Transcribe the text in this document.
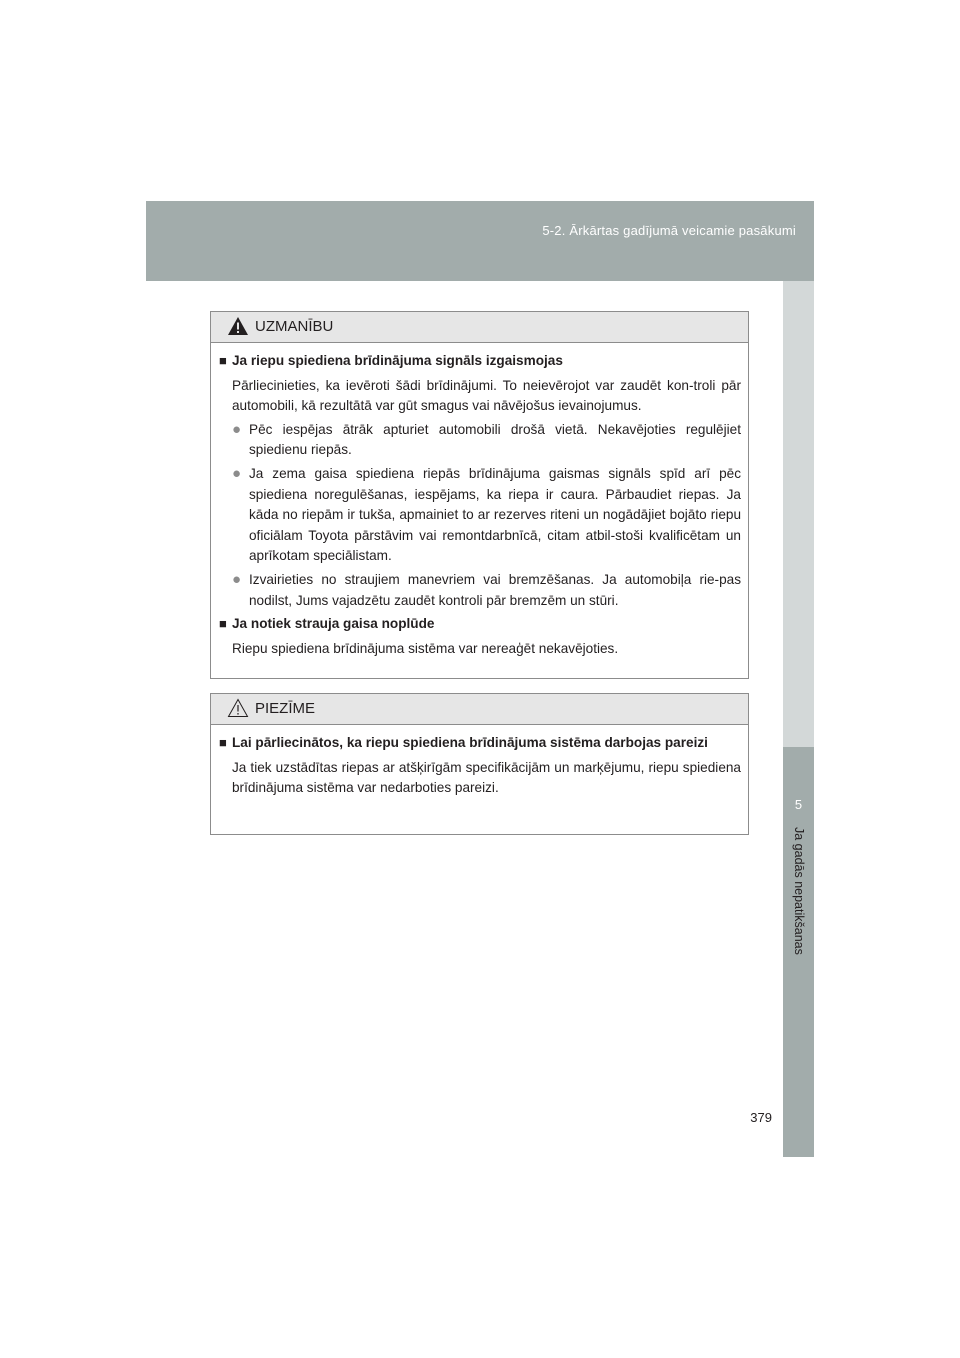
5-2. Ārkārtas gadījumā veicamie pasākumi
5
Ja gadās nepatikšanas
UZMANĪBU

■ Ja riepu spiediena brīdinājuma signāls izgaismojas

Pārliecinieties, ka ievēroti šādi brīdinājumi. To neievērojot var zaudēt kon-troli pār automobili, kā rezultātā var gūt smagus vai nāvējošus ievainojumus.

● Pēc iespējas ātrāk apturiet automobili drošā vietā. Nekavējoties regulējiet spiedienu riepās.
● Ja zema gaisa spiediena riepās brīdinājuma gaismas signāls spīd arī pēc spiediena noregulēšanas, iespējams, ka riepa ir caura. Pārbaudiet riepas. Ja kāda no riepām ir tukša, apmainiet to ar rezerves riteni un nogādājiet bojāto riepu oficiālam Toyota pārstāvim vai remontdarbnīcā, citam atbil-stoši kvalificētam un aprīkotam speciālistam.
● Izvairieties no straujiem manevriem vai bremzēšanas. Ja automobiļa rie-pas nodilst, Jums vajadzētu zaudēt kontroli pār bremzēm un stūri.

■ Ja notiek strauja gaisa noplūde

Riepu spiediena brīdinājuma sistēma var nereaģēt nekavējoties.

PIEZĪME

■ Lai pārliecinātos, ka riepu spiediena brīdinājuma sistēma darbojas pareizi

Ja tiek uzstādītas riepas ar atšķirīgām specifikācijām un marķējumu, riepu spiediena brīdinājuma sistēma var nedarboties pareizi.

379
